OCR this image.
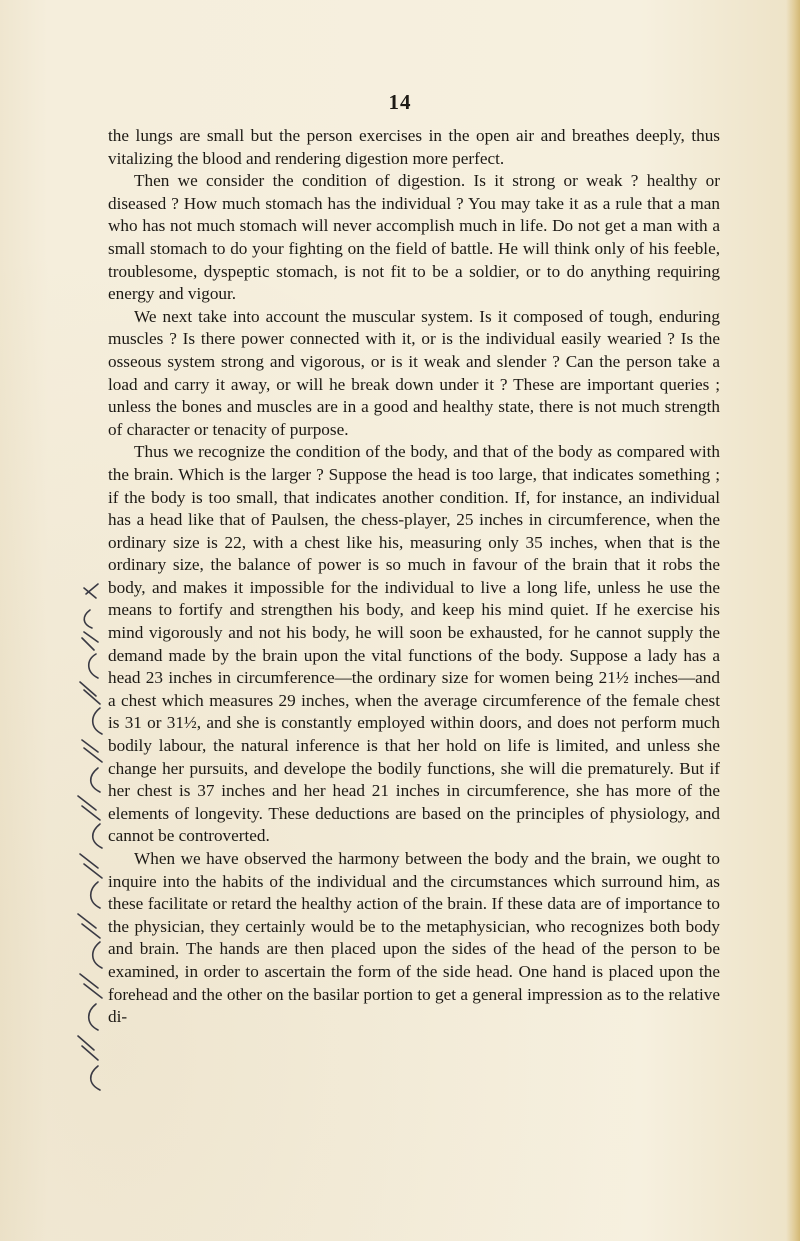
14

the lungs are small but the person exercises in the open air and breathes deeply, thus vitalizing the blood and rendering digestion more perfect.

Then we consider the condition of digestion. Is it strong or weak ? healthy or diseased ? How much stomach has the individual ? You may take it as a rule that a man who has not much stomach will never accomplish much in life. Do not get a man with a small stomach to do your fighting on the field of battle. He will think only of his feeble, troublesome, dyspeptic stomach, is not fit to be a soldier, or to do anything requiring energy and vigour.

We next take into account the muscular system. Is it composed of tough, enduring muscles ? Is there power connected with it, or is the individual easily wearied ? Is the osseous system strong and vigorous, or is it weak and slender ? Can the person take a load and carry it away, or will he break down under it ? These are important queries ; unless the bones and muscles are in a good and healthy state, there is not much strength of character or tenacity of purpose.

Thus we recognize the condition of the body, and that of the body as compared with the brain. Which is the larger ? Suppose the head is too large, that indicates something ; if the body is too small, that indicates another condition. If, for instance, an individual has a head like that of Paulsen, the chess-player, 25 inches in circumference, when the ordinary size is 22, with a chest like his, measuring only 35 inches, when that is the ordinary size, the balance of power is so much in favour of the brain that it robs the body, and makes it impossible for the individual to live a long life, unless he use the means to fortify and strengthen his body, and keep his mind quiet. If he exercise his mind vigorously and not his body, he will soon be exhausted, for he cannot supply the demand made by the brain upon the vital functions of the body. Suppose a lady has a head 23 inches in circumference—the ordinary size for women being 21½ inches—and a chest which measures 29 inches, when the average circumference of the female chest is 31 or 31½, and she is constantly employed within doors, and does not perform much bodily labour, the natural inference is that her hold on life is limited, and unless she change her pursuits, and develope the bodily functions, she will die prematurely. But if her chest is 37 inches and her head 21 inches in circumference, she has more of the elements of longevity. These deductions are based on the principles of physiology, and cannot be controverted.

When we have observed the harmony between the body and the brain, we ought to inquire into the habits of the individual and the circumstances which surround him, as these facilitate or retard the healthy action of the brain. If these data are of importance to the physician, they certainly would be to the metaphysician, who recognizes both body and brain. The hands are then placed upon the sides of the head of the person to be examined, in order to ascertain the form of the side head. One hand is placed upon the forehead and the other on the basilar portion to get a general impression as to the relative di-
